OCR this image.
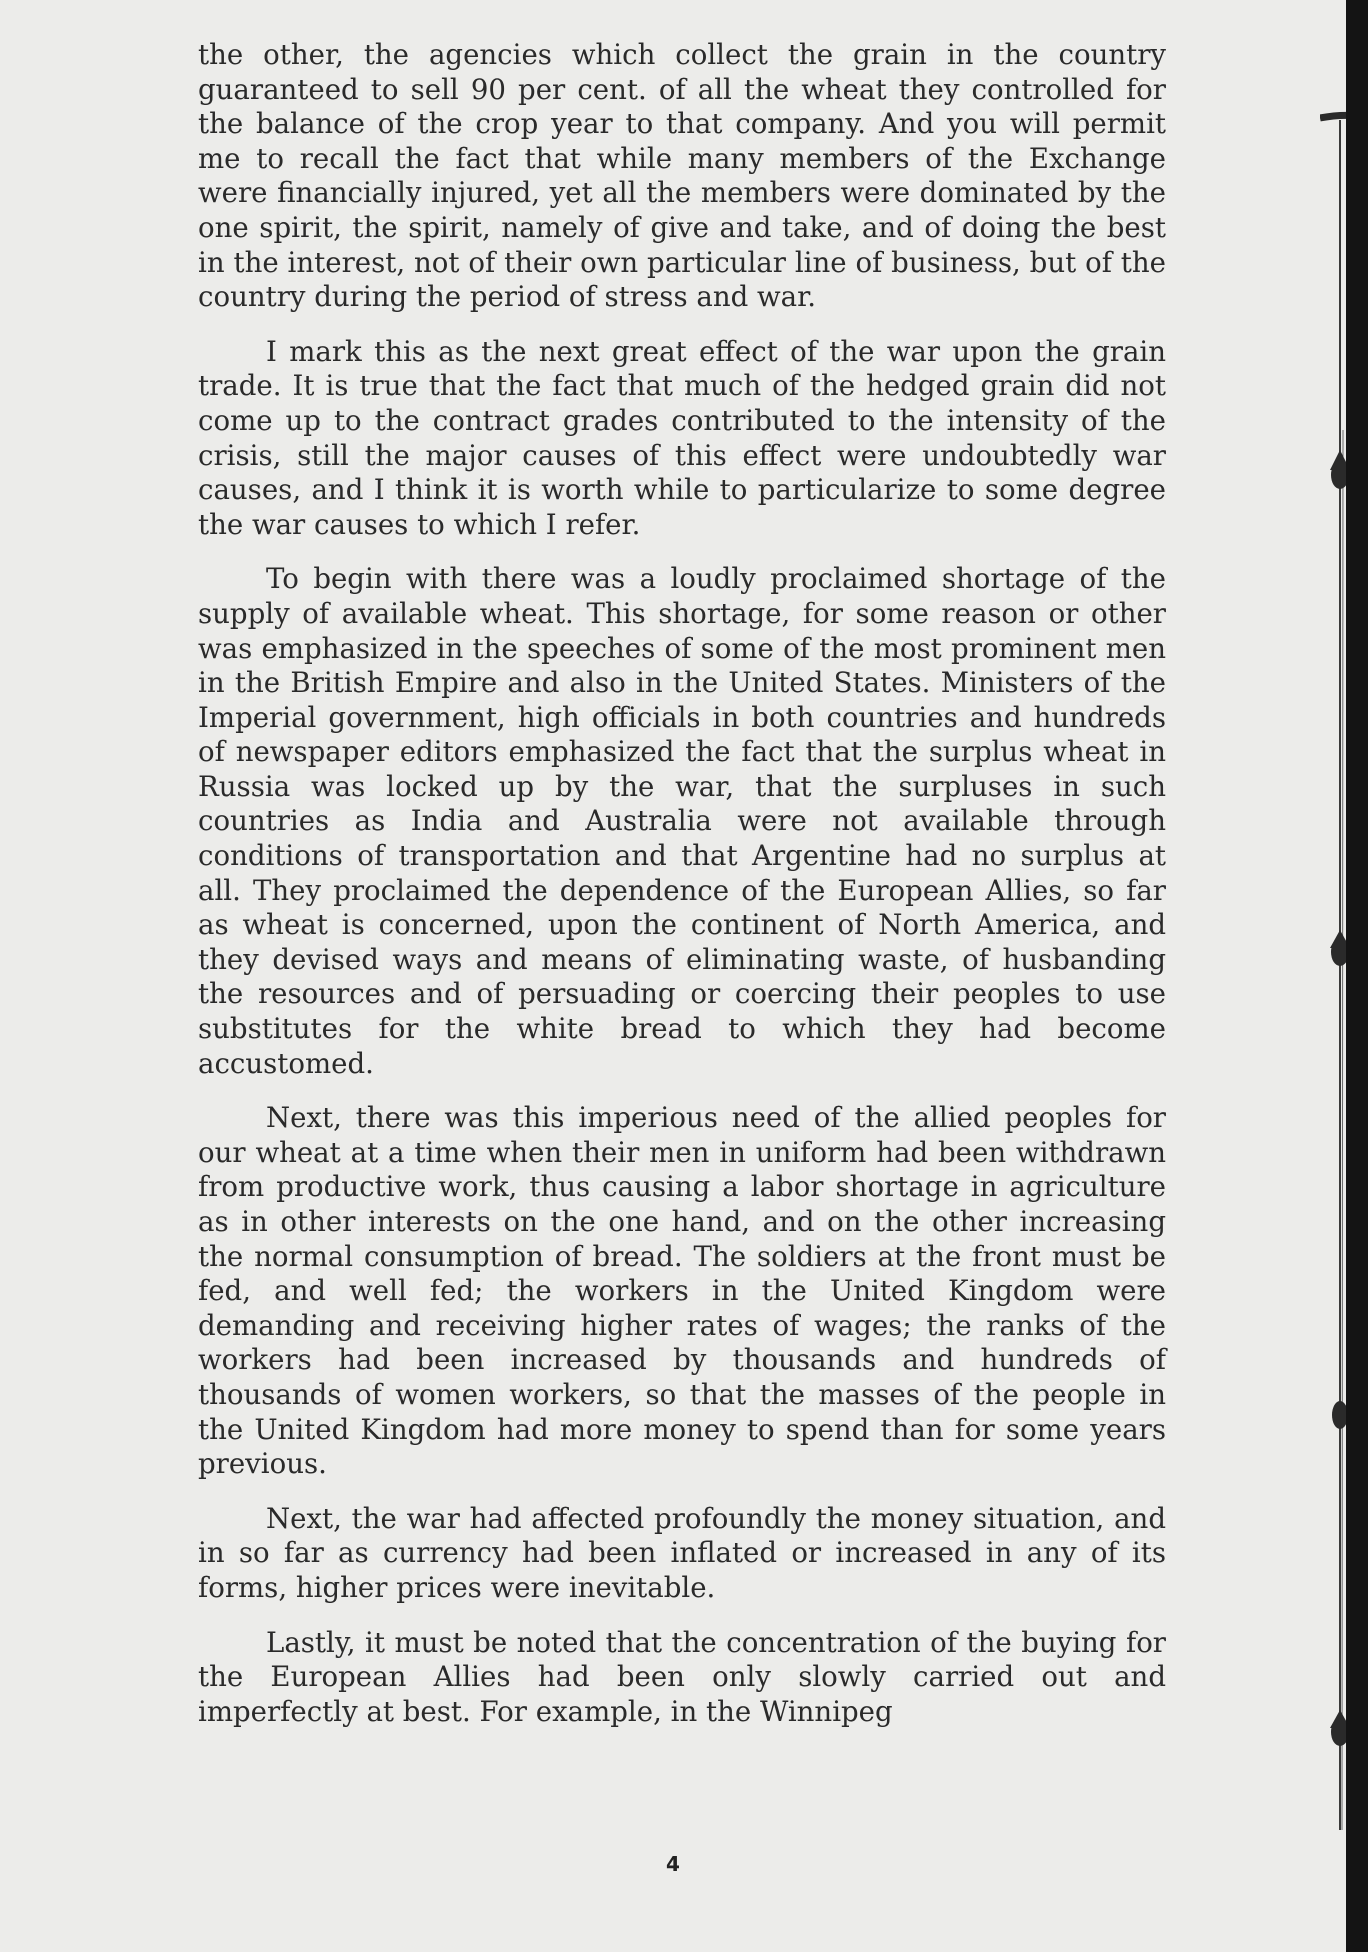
the other, the agencies which collect the grain in the country guaranteed to sell 90 per cent. of all the wheat they controlled for the balance of the crop year to that company. And you will permit me to recall the fact that while many members of the Exchange were financially injured, yet all the members were dominated by the one spirit, the spirit, namely of give and take, and of doing the best in the interest, not of their own particular line of business, but of the country during the period of stress and war.

I mark this as the next great effect of the war upon the grain trade. It is true that the fact that much of the hedged grain did not come up to the contract grades contributed to the intensity of the crisis, still the major causes of this effect were undoubtedly war causes, and I think it is worth while to particularize to some degree the war causes to which I refer.

To begin with there was a loudly proclaimed shortage of the supply of available wheat. This shortage, for some reason or other was emphasized in the speeches of some of the most prominent men in the British Empire and also in the United States. Ministers of the Imperial government, high officials in both countries and hundreds of newspaper editors emphasized the fact that the surplus wheat in Russia was locked up by the war, that the surpluses in such countries as India and Australia were not available through conditions of transportation and that Argentine had no surplus at all. They proclaimed the dependence of the European Allies, so far as wheat is concerned, upon the continent of North America, and they devised ways and means of eliminating waste, of husbanding the resources and of persuading or coercing their peoples to use substitutes for the white bread to which they had become accustomed.

Next, there was this imperious need of the allied peoples for our wheat at a time when their men in uniform had been withdrawn from productive work, thus causing a labor shortage in agriculture as in other interests on the one hand, and on the other increasing the normal consumption of bread. The soldiers at the front must be fed, and well fed; the workers in the United Kingdom were demanding and receiving higher rates of wages; the ranks of the workers had been increased by thousands and hundreds of thousands of women workers, so that the masses of the people in the United Kingdom had more money to spend than for some years previous.

Next, the war had affected profoundly the money situation, and in so far as currency had been inflated or increased in any of its forms, higher prices were inevitable.

Lastly, it must be noted that the concentration of the buying for the European Allies had been only slowly carried out and imperfectly at best. For example, in the Winnipeg

4
